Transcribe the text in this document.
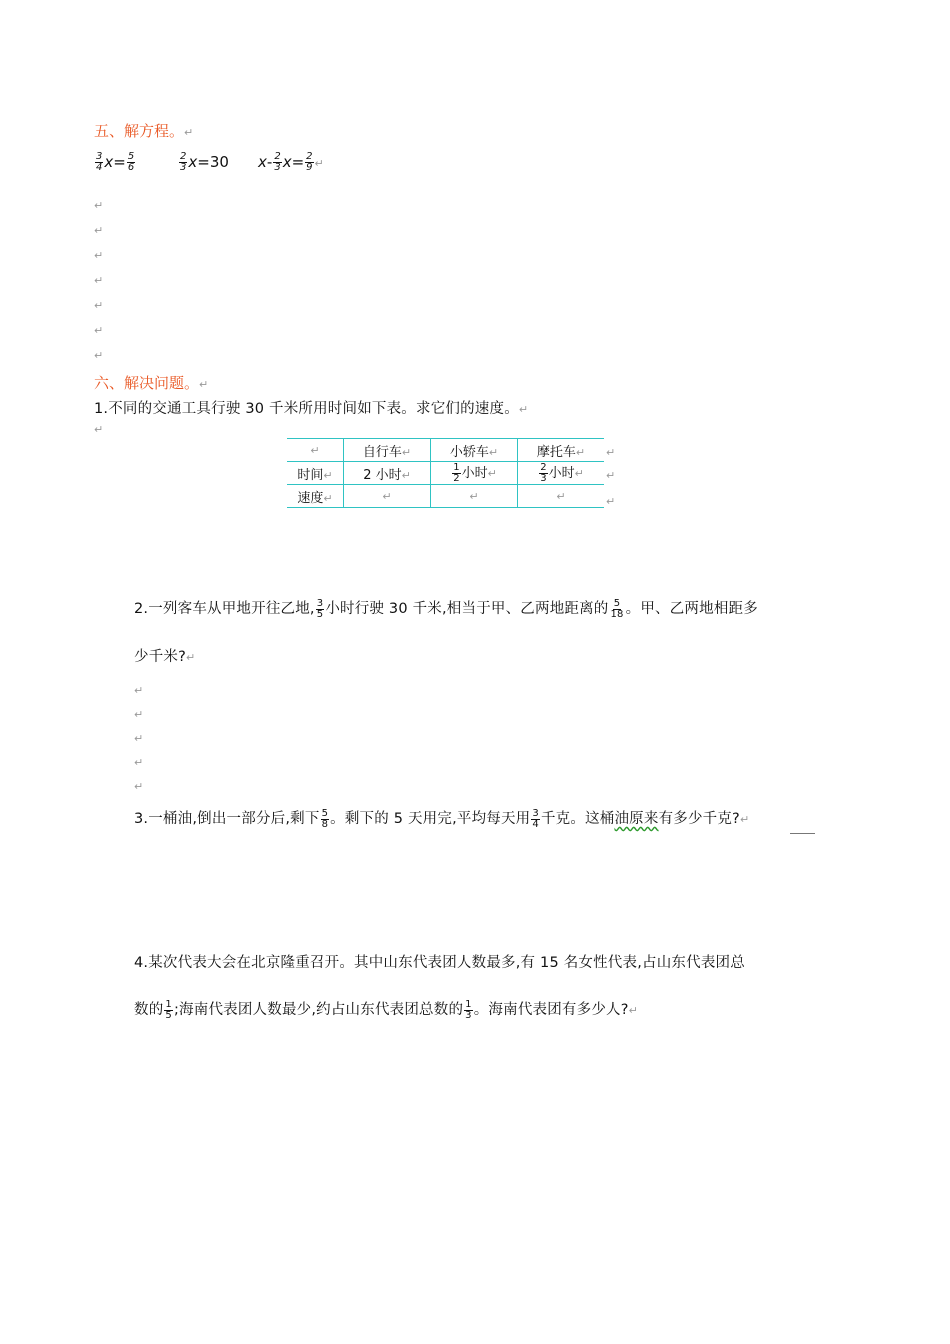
五、解方程。↵
$\frac{3}{4} x= \frac{5}{6}$	$\frac{2}{3} x=30$ $x- \frac{2}{3} x= \frac{2}{9}$ ↵
↵
↵
↵
↵
↵
↵
↵
六、解决问题。↵
1.不同的交通工具行驶 30 千米所用时间如下表。求它们的速度。↵
↵
↵	自行车↵	小轿车↵	摩托车↵
时间↵	2 小时↵	$\frac{1}{2}$ 小时↵	$\frac{2}{3}$ 小时↵
速度↵	↵	↵	↵
↵
↵
↵
2.一列客车从甲地开往乙地, $\frac{3}{5}$ 小时行驶 30 千米,相当于甲、乙两地距离的 $\frac{5}{18}$ 。甲、乙两地相距多
少千米?↵
↵
↵
↵
↵
↵
3.一桶油,倒出一部分后,剩下 $\frac{5}{8}$ 。剩下的 5 天用完,平均每天用 $\frac{3}{4}$ 千克。这桶油原来有多少千克?↵
4.某次代表大会在北京隆重召开。其中山东代表团人数最多,有 15 名女性代表,占山东代表团总
数的 $\frac{1}{5}$ ;海南代表团人数最少,约占山东代表团总数的 $\frac{1}{3}$ 。海南代表团有多少人?↵
